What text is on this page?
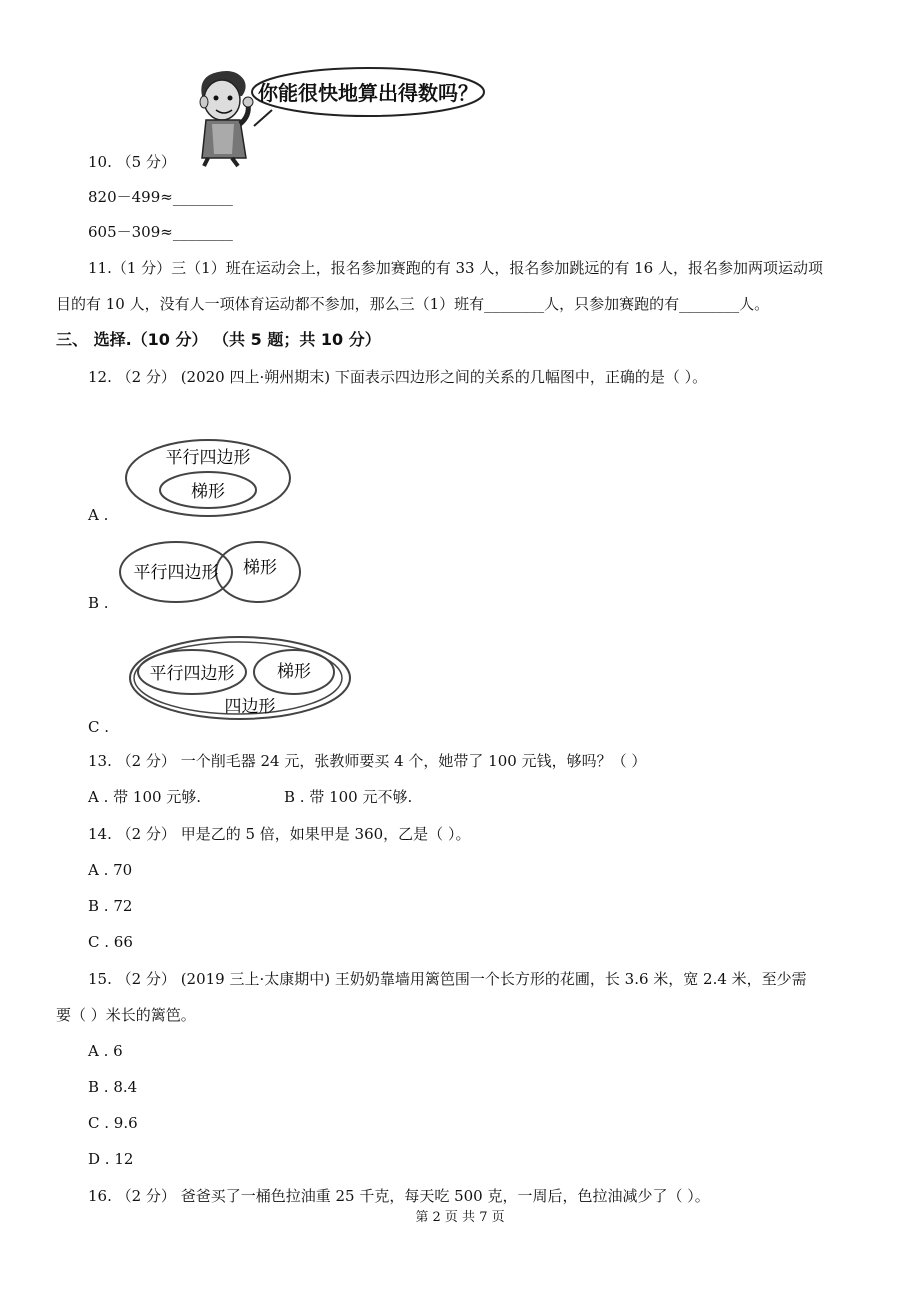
你能很快地算出得数吗？
10. （5 分）
820－499≈________
605－309≈________
11.（1 分）三（1）班在运动会上，报名参加赛跑的有 33 人，报名参加跳远的有 16 人，报名参加两项运动项
目的有 10 人，没有人一项体育运动都不参加，那么三（1）班有________人，只参加赛跑的有________人。
三、 选择.（10 分） （共 5 题；共 10 分）
12. （2 分） (2020 四上·朔州期末) 下面表示四边形之间的关系的几幅图中，正确的是（ ）。
平行四边形
梯形
A .
平行四边形 梯形
B .
平行四边形	梯形
四边形
C .
13. （2 分） 一个削毛器 24 元，张教师要买 4 个，她带了 100 元钱，够吗？（ ）
A . 带 100 元够.	B . 带 100 元不够.
14. （2 分） 甲是乙的 5 倍，如果甲是 360，乙是（ ）。
A . 70
B . 72
C . 66
15. （2 分） (2019 三上·太康期中) 王奶奶靠墙用篱笆围一个长方形的花圃，长 3.6 米，宽 2.4 米，至少需
要（ ）米长的篱笆。
A . 6
B . 8.4
C . 9.6
D . 12
16. （2 分） 爸爸买了一桶色拉油重 25 千克，每天吃 500 克，一周后，色拉油减少了（ ）。
第 2 页 共 7 页
